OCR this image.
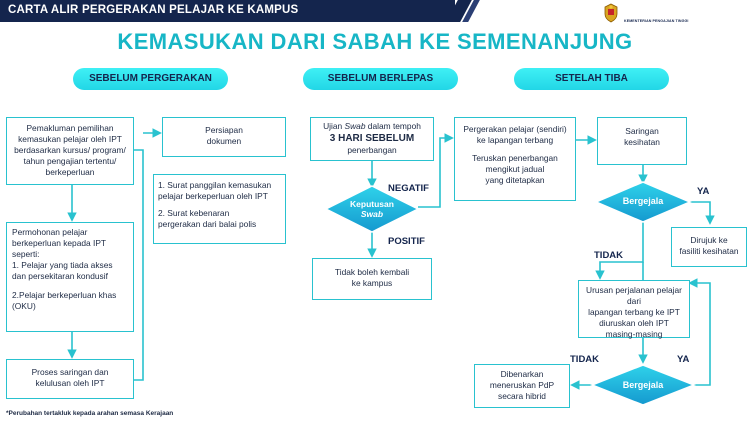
CARTA ALIR PERGERAKAN PELAJAR KE KAMPUS
KEMENTERIAN PENGAJIAN TINGGI
KEMASUKAN DARI SABAH KE SEMENANJUNG
SEBELUM PERGERAKAN	SEBELUM BERLEPAS	SETELAH TIBA
Pemakluman pemilihan
kemasukan pelajar oleh IPT
berdasarkan kursus/ program/
tahun pengajian tertentu/
berkeperluan
Permohonan pelajar
berkeperluan kepada IPT
seperti:
1. Pelajar yang tiada akses
dan persekitaran kondusif
2.Pelajar berkeperluan khas
(OKU)
Proses saringan dan
kelulusan oleh IPT
Persiapan
dokumen
1. Surat panggilan kemasukan
pelajar berkeperluan oleh IPT
2. Surat kebenaran
pergerakan dari balai polis
Ujian Swab dalam tempoh
3 HARI SEBELUM
penerbangan
Keputusan
Swab
NEGATIF
POSITIF
Tidak boleh kembali
ke kampus
Pergerakan pelajar (sendiri)
ke lapangan terbang
Teruskan penerbangan
mengikut jadual
yang ditetapkan
Saringan
kesihatan
Bergejala
YA
Dirujuk ke
fasiliti kesihatan
TIDAK
Urusan perjalanan pelajar dari
lapangan terbang ke IPT
diuruskan oleh IPT
masing-masing
Bergejala
TIDAK	YA
Dibenarkan
meneruskan PdP
secara hibrid
*Perubahan tertakluk kepada arahan semasa Kerajaan
